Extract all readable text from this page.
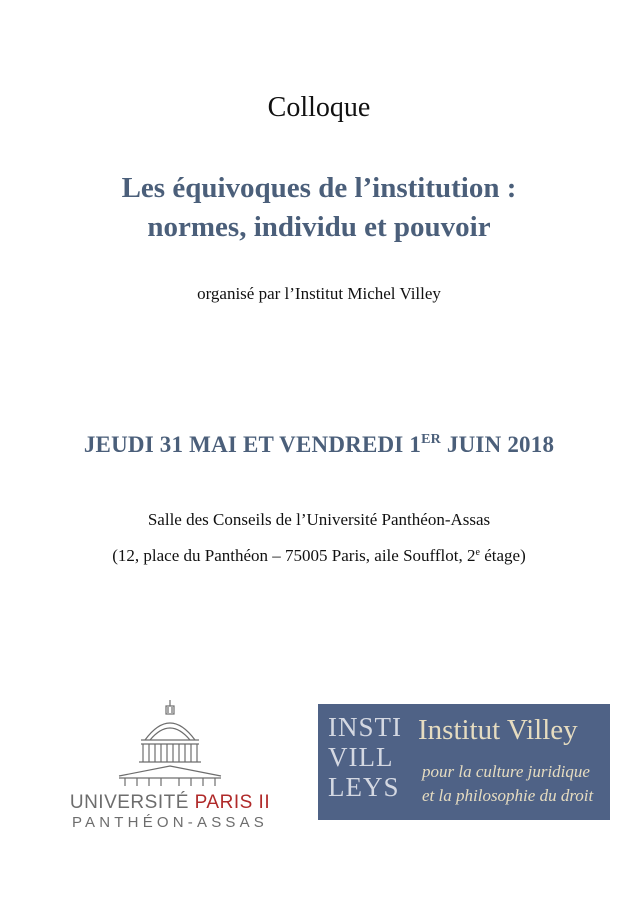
Colloque
Les équivoques de l’institution :
normes, individu et pouvoir
organisé par l’Institut Michel Villey
JEUDI 31 MAI ET VENDREDI 1ER JUIN 2018
Salle des Conseils de l’Université Panthéon-Assas
(12, place du Panthéon – 75005 Paris, aile Soufflot, 2e étage)
UNIVERSITÉ PARIS II
PANTHÉON-ASSAS
INSTI
VILL
LEYS
Institut Villey
pour la culture juridique
et la philosophie du droit
